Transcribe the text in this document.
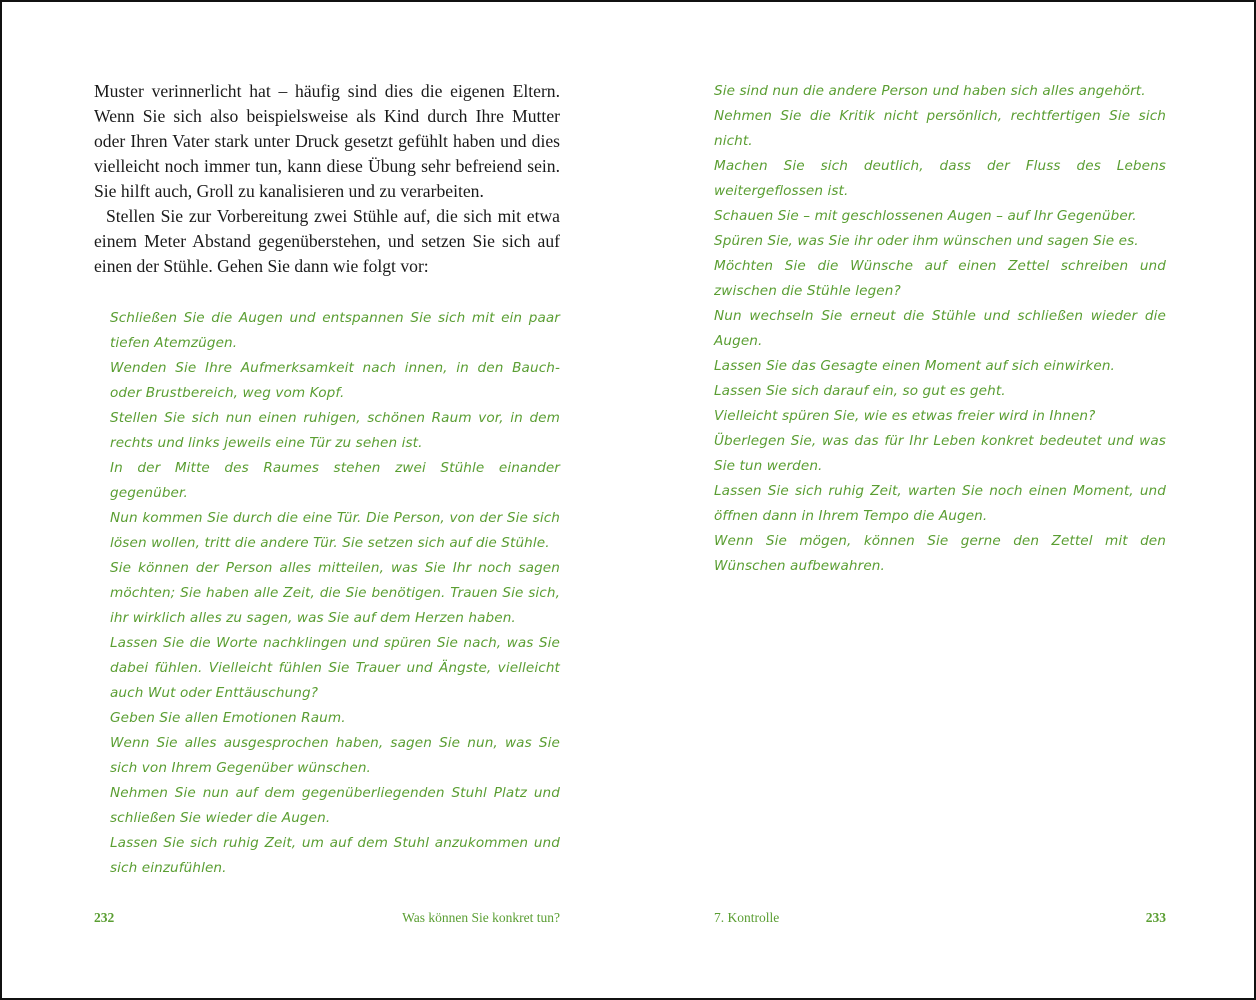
Muster verinnerlicht hat – häufig sind dies die eigenen Eltern. Wenn Sie sich also beispielsweise als Kind durch Ihre Mutter oder Ihren Vater stark unter Druck gesetzt gefühlt haben und dies vielleicht noch immer tun, kann diese Übung sehr befreiend sein. Sie hilft auch, Groll zu kanalisieren und zu verarbeiten.

Stellen Sie zur Vorbereitung zwei Stühle auf, die sich mit etwa einem Meter Abstand gegenüberstehen, und setzen Sie sich auf einen der Stühle. Gehen Sie dann wie folgt vor:

Schließen Sie die Augen und entspannen Sie sich mit ein paar tiefen Atemzügen.

Wenden Sie Ihre Aufmerksamkeit nach innen, in den Bauch- oder Brustbereich, weg vom Kopf.

Stellen Sie sich nun einen ruhigen, schönen Raum vor, in dem rechts und links jeweils eine Tür zu sehen ist.

In der Mitte des Raumes stehen zwei Stühle einander gegenüber.

Nun kommen Sie durch die eine Tür. Die Person, von der Sie sich lösen wollen, tritt die andere Tür. Sie setzen sich auf die Stühle.

Sie können der Person alles mitteilen, was Sie Ihr noch sagen möchten; Sie haben alle Zeit, die Sie benötigen. Trauen Sie sich, ihr wirklich alles zu sagen, was Sie auf dem Herzen haben.

Lassen Sie die Worte nachklingen und spüren Sie nach, was Sie dabei fühlen. Vielleicht fühlen Sie Trauer und Ängste, vielleicht auch Wut oder Enttäuschung?

Geben Sie allen Emotionen Raum.

Wenn Sie alles ausgesprochen haben, sagen Sie nun, was Sie sich von Ihrem Gegenüber wünschen.

Nehmen Sie nun auf dem gegenüberliegenden Stuhl Platz und schließen Sie wieder die Augen.

Lassen Sie sich ruhig Zeit, um auf dem Stuhl anzukommen und sich einzufühlen.

232	Was können Sie konkret tun?

Sie sind nun die andere Person und haben sich alles angehört.

Nehmen Sie die Kritik nicht persönlich, rechtfertigen Sie sich nicht.

Machen Sie sich deutlich, dass der Fluss des Lebens weitergeflossen ist.

Schauen Sie – mit geschlossenen Augen – auf Ihr Gegenüber.

Spüren Sie, was Sie ihr oder ihm wünschen und sagen Sie es.

Möchten Sie die Wünsche auf einen Zettel schreiben und zwischen die Stühle legen?

Nun wechseln Sie erneut die Stühle und schließen wieder die Augen.

Lassen Sie das Gesagte einen Moment auf sich einwirken.

Lassen Sie sich darauf ein, so gut es geht.

Vielleicht spüren Sie, wie es etwas freier wird in Ihnen?

Überlegen Sie, was das für Ihr Leben konkret bedeutet und was Sie tun werden.

Lassen Sie sich ruhig Zeit, warten Sie noch einen Moment, und öffnen dann in Ihrem Tempo die Augen.

Wenn Sie mögen, können Sie gerne den Zettel mit den Wünschen aufbewahren.

7. Kontrolle	233
